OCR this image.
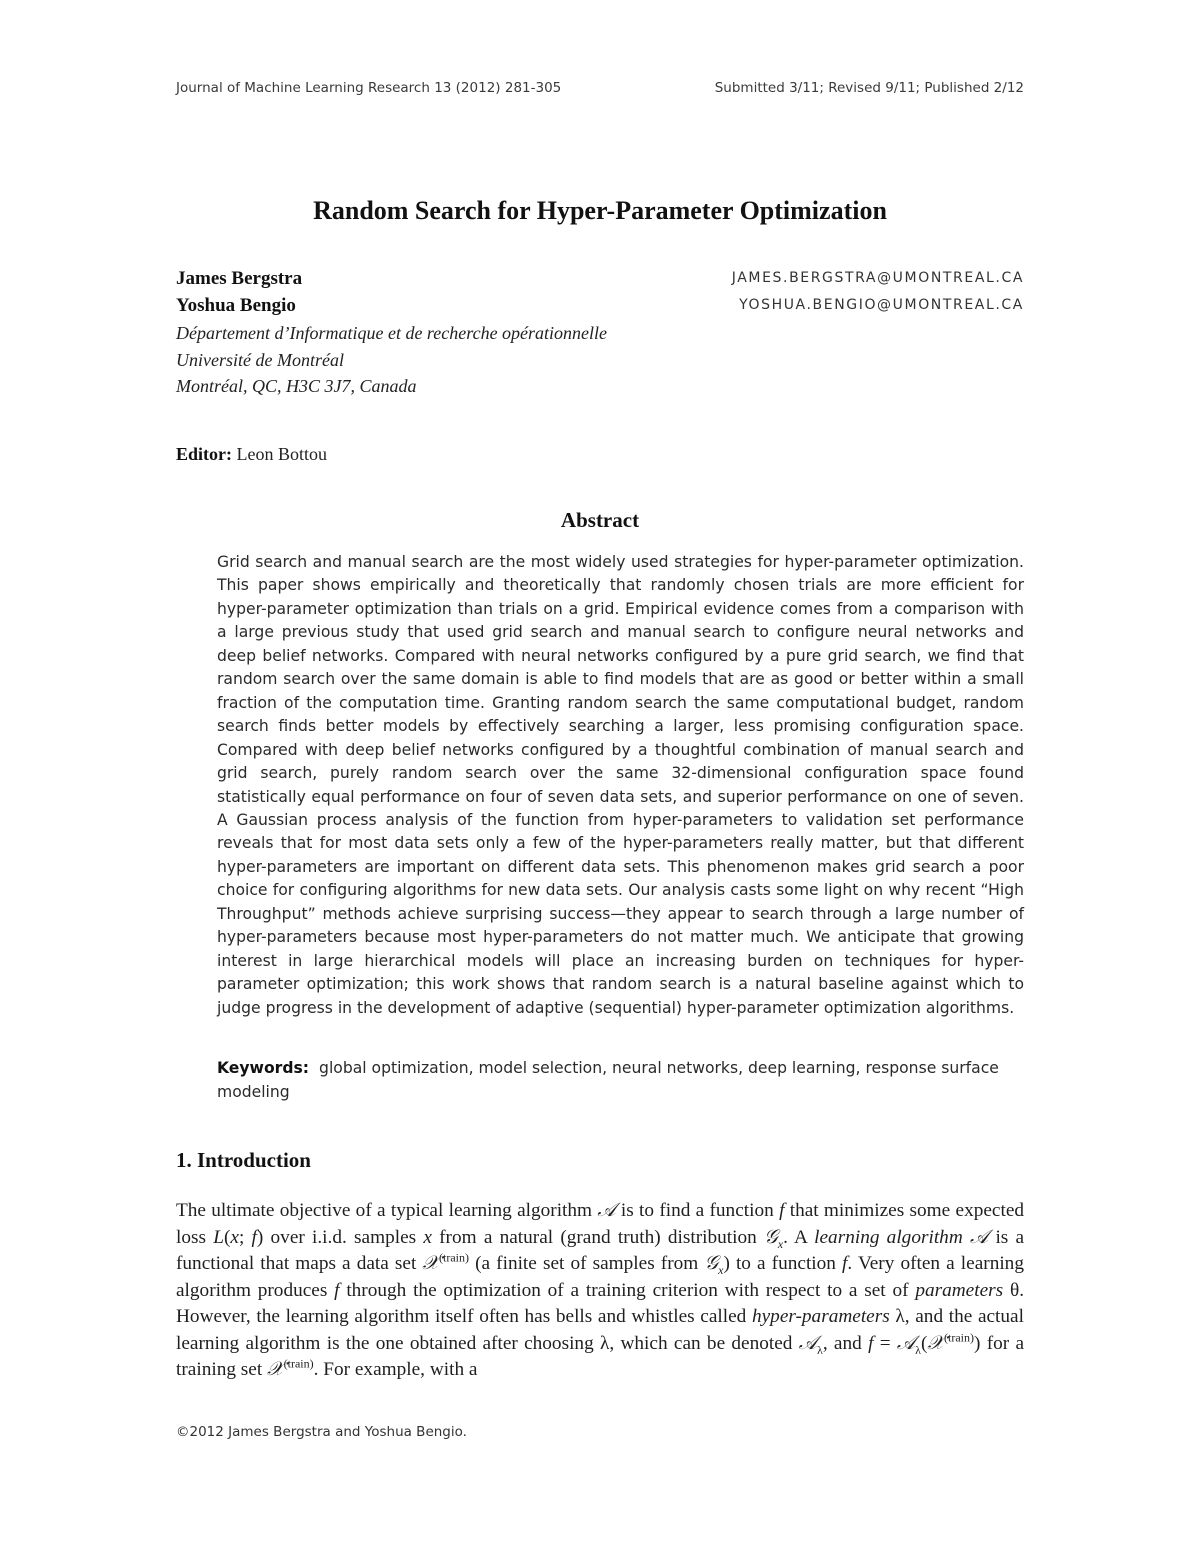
Journal of Machine Learning Research 13 (2012) 281-305	Submitted 3/11; Revised 9/11; Published 2/12
Random Search for Hyper-Parameter Optimization
James Bergstra	JAMES.BERGSTRA@UMONTREAL.CA
Yoshua Bengio	YOSHUA.BENGIO@UMONTREAL.CA
Département d’Informatique et de recherche opérationnelle
Université de Montréal
Montréal, QC, H3C 3J7, Canada
Editor: Leon Bottou
Abstract
Grid search and manual search are the most widely used strategies for hyper-parameter optimization. This paper shows empirically and theoretically that randomly chosen trials are more efficient for hyper-parameter optimization than trials on a grid. Empirical evidence comes from a comparison with a large previous study that used grid search and manual search to configure neural networks and deep belief networks. Compared with neural networks configured by a pure grid search, we find that random search over the same domain is able to find models that are as good or better within a small fraction of the computation time. Granting random search the same computational budget, random search finds better models by effectively searching a larger, less promising configuration space. Compared with deep belief networks configured by a thoughtful combination of manual search and grid search, purely random search over the same 32-dimensional configuration space found statistically equal performance on four of seven data sets, and superior performance on one of seven. A Gaussian process analysis of the function from hyper-parameters to validation set performance reveals that for most data sets only a few of the hyper-parameters really matter, but that different hyper-parameters are important on different data sets. This phenomenon makes grid search a poor choice for configuring algorithms for new data sets. Our analysis casts some light on why recent “High Throughput” methods achieve surprising success—they appear to search through a large number of hyper-parameters because most hyper-parameters do not matter much. We anticipate that growing interest in large hierarchical models will place an increasing burden on techniques for hyper-parameter optimization; this work shows that random search is a natural baseline against which to judge progress in the development of adaptive (sequential) hyper-parameter optimization algorithms.
Keywords: global optimization, model selection, neural networks, deep learning, response surface modeling
1. Introduction
The ultimate objective of a typical learning algorithm 𝒜 is to find a function f that minimizes some expected loss L(x; f) over i.i.d. samples x from a natural (grand truth) distribution 𝒢$_x$. A learning algorithm 𝒜 is a functional that maps a data set 𝒳$^{(train)}$ (a finite set of samples from 𝒢$_x$) to a function f. Very often a learning algorithm produces f through the optimization of a training criterion with respect to a set of parameters θ. However, the learning algorithm itself often has bells and whistles called hyper-parameters λ, and the actual learning algorithm is the one obtained after choosing λ, which can be denoted 𝒜$_\lambda$, and f = 𝒜$_\lambda$(𝒳$^{(train)}$) for a training set 𝒳$^{(train)}$. For example, with a
©2012 James Bergstra and Yoshua Bengio.
